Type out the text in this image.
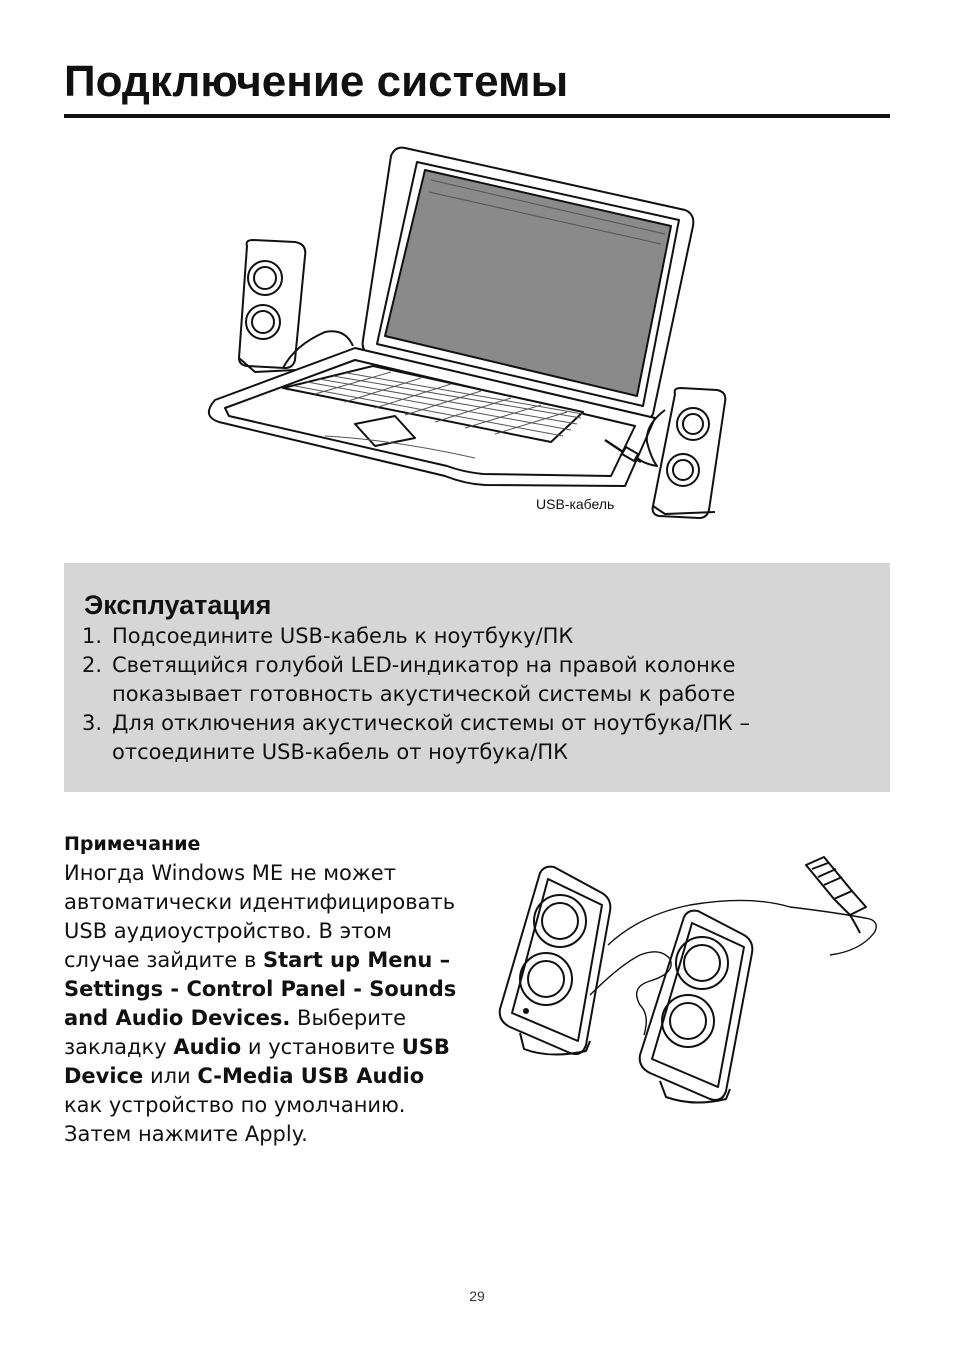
Подключение системы
USB-кабель
Эксплуатация
1. Подсоедините USB-кабель к ноутбуку/ПК
2. Светящийся голубой LED-индикатор на правой колонке показывает готовность акустической системы к работе
3. Для отключения акустической системы от ноутбука/ПК – отсоедините USB-кабель от ноутбука/ПК
Примечание
Иногда Windows ME не может автоматически идентифицировать USB аудиоустройство. В этом случае зайдите в Start up Menu – Settings - Control Panel - Sounds and Audio Devices. Выберите закладку Audio и установите USB Device или C-Media USB Audio как устройство по умолчанию. Затем нажмите Apply.
29
